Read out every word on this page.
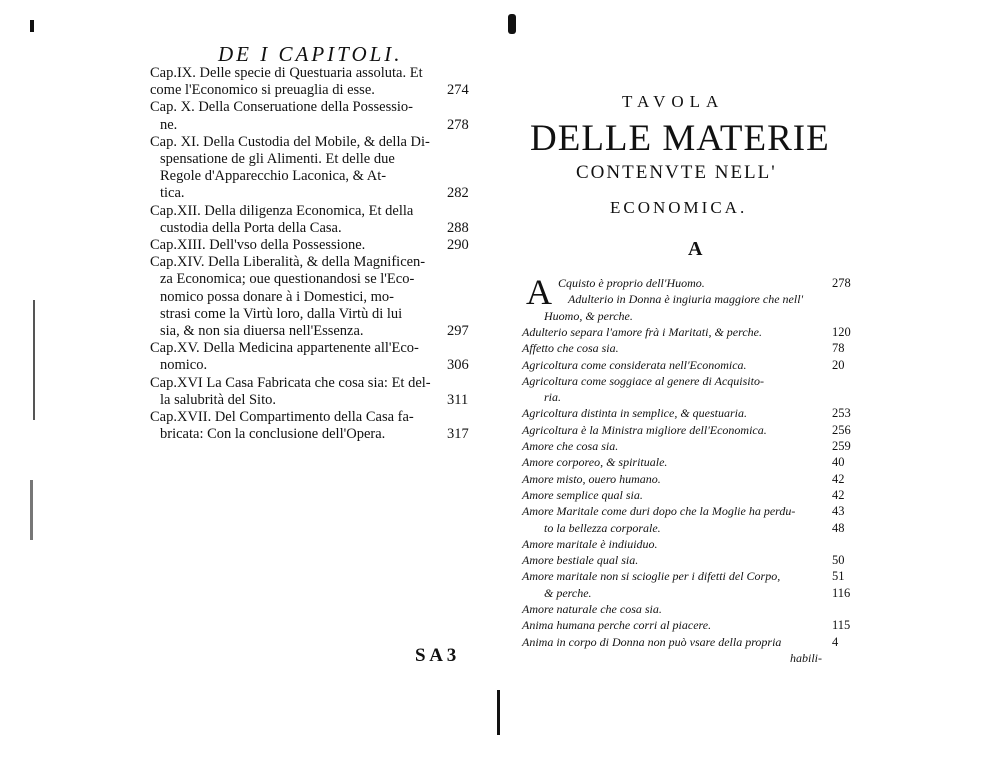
DE I CAPITOLI.
Cap.IX. Delle specie di Questuaria assoluta. Et
come l'Economico si preuaglia di esse.	274
Cap. X. Della Conseruatione della Possessio-
ne.	278
Cap. XI. Della Custodia del Mobile, & della Di-
spensatione de gli Alimenti. Et delle due
Regole d'Apparecchio Laconica, & At-
tica.	282
Cap.XII. Della diligenza Economica, Et della
custodia della Porta della Casa.	288
Cap.XIII. Dell'vso della Possessione.	290
Cap.XIV. Della Liberalità, & della Magnificen-
za Economica; oue questionandosi se l'Eco-
nomico possa donare à i Domestici, mo-
strasi come la Virtù loro, dalla Virtù di lui
sia, & non sia diuersa nell'Essenza.	297
Cap.XV. Della Medicina appartenente all'Eco-
nomico.	306
Cap.XVI La Casa Fabricata che cosa sia: Et del-
la salubrità del Sito.	311
Cap.XVII. Del Compartimento della Casa fa-
bricata: Con la conclusione dell'Opera.	317
S A 3
TAVOLA
DELLE MATERIE
CONTENVTE NELL'
ECONOMICA.
A
A Cquisto è proprio dell'Huomo.	278
Adulterio in Donna è ingiuria maggiore che nell'
Huomo, & perche.
Adulterio separa l'amore frà i Maritati, & perche.	120
Affetto che cosa sia.	78
Agricoltura come considerata nell'Economica.	20
Agricoltura come soggiace al genere di Acquisito-
ria.
Agricoltura distinta in semplice, & questuaria.	253
Agricoltura è la Ministra migliore dell'Economica.	256
Amore che cosa sia.	259
Amore corporeo, & spirituale.	40
Amore misto, ouero humano.	42
Amore semplice qual sia.	42
Amore Maritale come duri dopo che la Moglie ha perdu-	43
to la bellezza corporale.	48
Amore maritale è indiuiduo.
Amore bestiale qual sia.	50
Amore maritale non si scioglie per i difetti del Corpo,	51
& perche.	116
Amore naturale che cosa sia.
Anima humana perche corri al piacere.	115
Anima in corpo di Donna non può vsare della propria	4
habili-
